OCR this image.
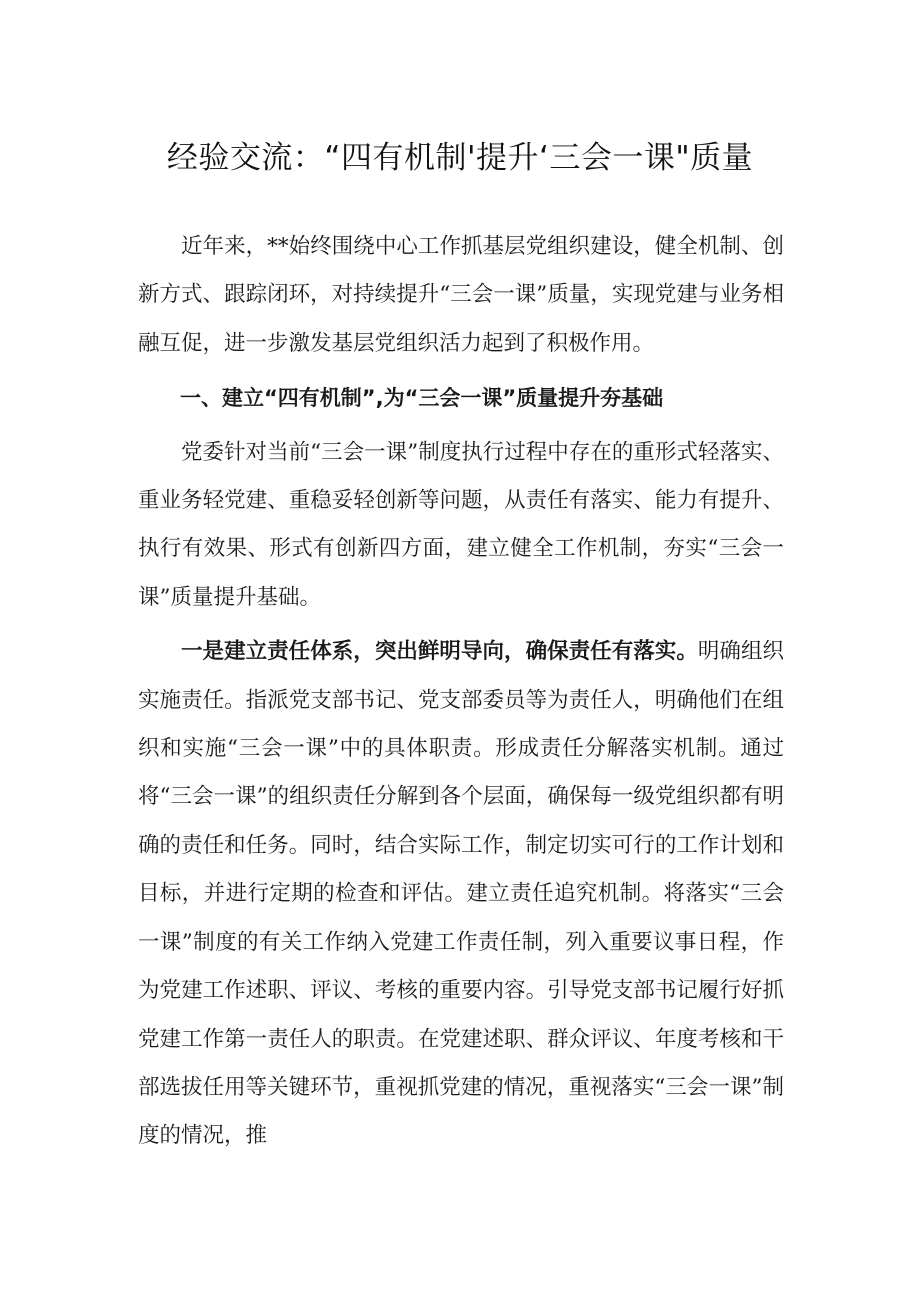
经验交流：“四有机制'提升‘三会一课"质量

近年来，**始终围绕中心工作抓基层党组织建设，健全机制、创新方式、跟踪闭环，对持续提升“三会一课”质量，实现党建与业务相融互促，进一步激发基层党组织活力起到了积极作用。

一、建立“四有机制”,为“三会一课”质量提升夯基础

党委针对当前“三会一课”制度执行过程中存在的重形式轻落实、重业务轻党建、重稳妥轻创新等问题，从责任有落实、能力有提升、执行有效果、形式有创新四方面，建立健全工作机制，夯实“三会一课”质量提升基础。

一是建立责任体系，突出鲜明导向，确保责任有落实。明确组织实施责任。指派党支部书记、党支部委员等为责任人，明确他们在组织和实施“三会一课”中的具体职责。形成责任分解落实机制。通过将“三会一课”的组织责任分解到各个层面，确保每一级党组织都有明确的责任和任务。同时，结合实际工作，制定切实可行的工作计划和目标，并进行定期的检查和评估。建立责任追究机制。将落实“三会一课”制度的有关工作纳入党建工作责任制，列入重要议事日程，作为党建工作述职、评议、考核的重要内容。引导党支部书记履行好抓党建工作第一责任人的职责。在党建述职、群众评议、年度考核和干部选拔任用等关键环节，重视抓党建的情况，重视落实“三会一课”制度的情况，推
